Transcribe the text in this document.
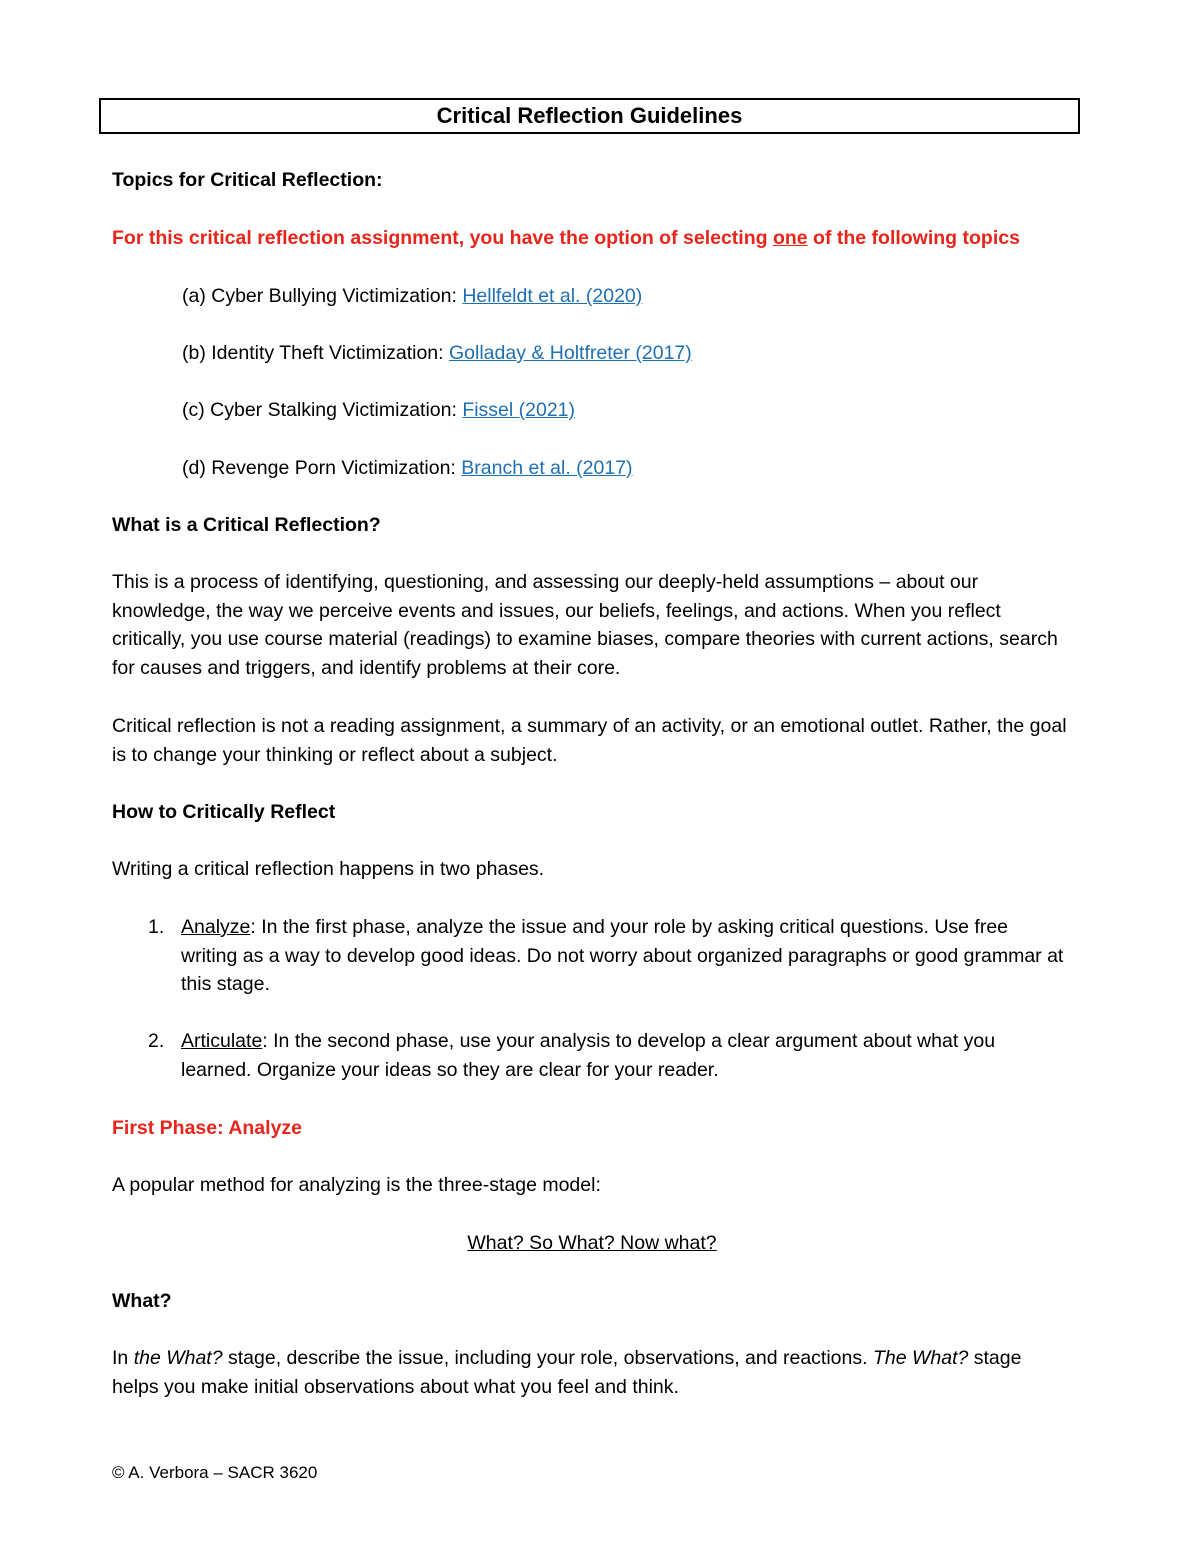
Critical Reflection Guidelines
Topics for Critical Reflection:
For this critical reflection assignment, you have the option of selecting one of the following topics
(a) Cyber Bullying Victimization: Hellfeldt et al. (2020)
(b) Identity Theft Victimization: Golladay & Holtfreter (2017)
(c) Cyber Stalking Victimization: Fissel (2021)
(d) Revenge Porn Victimization: Branch et al. (2017)
What is a Critical Reflection?
This is a process of identifying, questioning, and assessing our deeply-held assumptions – about our knowledge, the way we perceive events and issues, our beliefs, feelings, and actions. When you reflect critically, you use course material (readings) to examine biases, compare theories with current actions, search for causes and triggers, and identify problems at their core.
Critical reflection is not a reading assignment, a summary of an activity, or an emotional outlet. Rather, the goal is to change your thinking or reflect about a subject.
How to Critically Reflect
Writing a critical reflection happens in two phases.
1. Analyze: In the first phase, analyze the issue and your role by asking critical questions. Use free writing as a way to develop good ideas. Do not worry about organized paragraphs or good grammar at this stage.
2. Articulate: In the second phase, use your analysis to develop a clear argument about what you learned. Organize your ideas so they are clear for your reader.
First Phase: Analyze
A popular method for analyzing is the three-stage model:
What? So What? Now what?
What?
In the What? stage, describe the issue, including your role, observations, and reactions. The What? stage helps you make initial observations about what you feel and think.
© A. Verbora – SACR 3620
